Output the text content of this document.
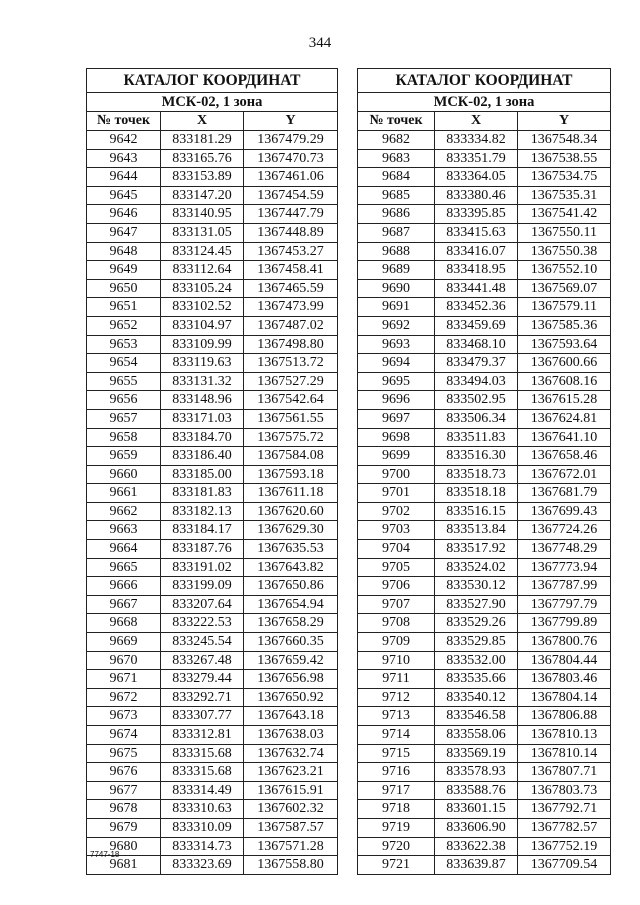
344
КАТАЛОГ КООРДИНАТ		
МСК-02, 1 зона		
№ точек	X	Y
9642	833181.29	1367479.29
9643	833165.76	1367470.73
9644	833153.89	1367461.06
9645	833147.20	1367454.59
9646	833140.95	1367447.79
9647	833131.05	1367448.89
9648	833124.45	1367453.27
9649	833112.64	1367458.41
9650	833105.24	1367465.59
9651	833102.52	1367473.99
9652	833104.97	1367487.02
9653	833109.99	1367498.80
9654	833119.63	1367513.72
9655	833131.32	1367527.29
9656	833148.96	1367542.64
9657	833171.03	1367561.55
9658	833184.70	1367575.72
9659	833186.40	1367584.08
9660	833185.00	1367593.18
9661	833181.83	1367611.18
9662	833182.13	1367620.60
9663	833184.17	1367629.30
9664	833187.76	1367635.53
9665	833191.02	1367643.82
9666	833199.09	1367650.86
9667	833207.64	1367654.94
9668	833222.53	1367658.29
9669	833245.54	1367660.35
9670	833267.48	1367659.42
9671	833279.44	1367656.98
9672	833292.71	1367650.92
9673	833307.77	1367643.18
9674	833312.81	1367638.03
9675	833315.68	1367632.74
9676	833315.68	1367623.21
9677	833314.49	1367615.91
9678	833310.63	1367602.32
9679	833310.09	1367587.57
9680	833314.73	1367571.28
9681	833323.69	1367558.80
КАТАЛОГ КООРДИНАТ		
МСК-02, 1 зона		
№ точек	X	Y
9682	833334.82	1367548.34
9683	833351.79	1367538.55
9684	833364.05	1367534.75
9685	833380.46	1367535.31
9686	833395.85	1367541.42
9687	833415.63	1367550.11
9688	833416.07	1367550.38
9689	833418.95	1367552.10
9690	833441.48	1367569.07
9691	833452.36	1367579.11
9692	833459.69	1367585.36
9693	833468.10	1367593.64
9694	833479.37	1367600.66
9695	833494.03	1367608.16
9696	833502.95	1367615.28
9697	833506.34	1367624.81
9698	833511.83	1367641.10
9699	833516.30	1367658.46
9700	833518.73	1367672.01
9701	833518.18	1367681.79
9702	833516.15	1367699.43
9703	833513.84	1367724.26
9704	833517.92	1367748.29
9705	833524.02	1367773.94
9706	833530.12	1367787.99
9707	833527.90	1367797.79
9708	833529.26	1367799.89
9709	833529.85	1367800.76
9710	833532.00	1367804.44
9711	833535.66	1367803.46
9712	833540.12	1367804.14
9713	833546.58	1367806.88
9714	833558.06	1367810.13
9715	833569.19	1367810.14
9716	833578.93	1367807.71
9717	833588.76	1367803.73
9718	833601.15	1367792.71
9719	833606.90	1367782.57
9720	833622.38	1367752.19
9721	833639.87	1367709.54
7747-18
